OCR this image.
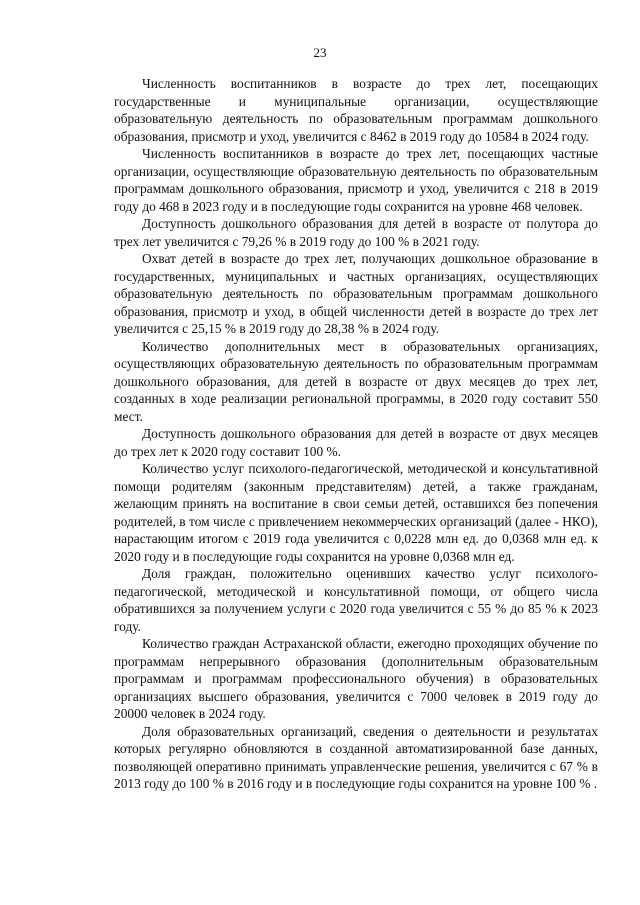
23

Численность воспитанников в возрасте до трех лет, посещающих государственные и муниципальные организации, осуществляющие образовательную деятельность по образовательным программам дошкольного образования, присмотр и уход, увеличится с 8462 в 2019 году до 10584 в 2024 году.

Численность воспитанников в возрасте до трех лет, посещающих частные организации, осуществляющие образовательную деятельность по образовательным программам дошкольного образования, присмотр и уход, увеличится с 218 в 2019 году до 468 в 2023 году и в последующие годы сохранится на уровне 468 человек.

Доступность дошкольного образования для детей в возрасте от полутора до трех лет увеличится с 79,26 % в 2019 году до 100 % в 2021 году.

Охват детей в возрасте до трех лет, получающих дошкольное образование в государственных, муниципальных и частных организациях, осуществляющих образовательную деятельность по образовательным программам дошкольного образования, присмотр и уход, в общей численности детей в возрасте до трех лет увеличится с 25,15 % в 2019 году до 28,38 % в 2024 году.

Количество дополнительных мест в образовательных организациях, осуществляющих образовательную деятельность по образовательным программам дошкольного образования, для детей в возрасте от двух месяцев до трех лет, созданных в ходе реализации региональной программы, в 2020 году составит 550 мест.

Доступность дошкольного образования для детей в возрасте от двух месяцев до трех лет к 2020 году составит 100 %.

Количество услуг психолого-педагогической, методической и консультативной помощи родителям (законным представителям) детей, а также гражданам, желающим принять на воспитание в свои семьи детей, оставшихся без попечения родителей, в том числе с привлечением некоммерческих организаций (далее - НКО), нарастающим итогом с 2019 года увеличится с 0,0228 млн ед. до 0,0368 млн ед. к 2020 году и в последующие годы сохранится на уровне 0,0368 млн ед.

Доля граждан, положительно оценивших качество услуг психолого-педагогической, методической и консультативной помощи, от общего числа обратившихся за получением услуги с 2020 года увеличится с 55 % до 85 % к 2023 году.

Количество граждан Астраханской области, ежегодно проходящих обучение по программам непрерывного образования (дополнительным образовательным программам и программам профессионального обучения) в образовательных организациях высшего образования, увеличится с 7000 человек в 2019 году до 20000 человек в 2024 году.

Доля образовательных организаций, сведения о деятельности и результатах которых регулярно обновляются в созданной автоматизированной базе данных, позволяющей оперативно принимать управленческие решения, увеличится с 67 % в 2013 году до 100 % в 2016 году и в последующие годы сохранится на уровне 100 % .
